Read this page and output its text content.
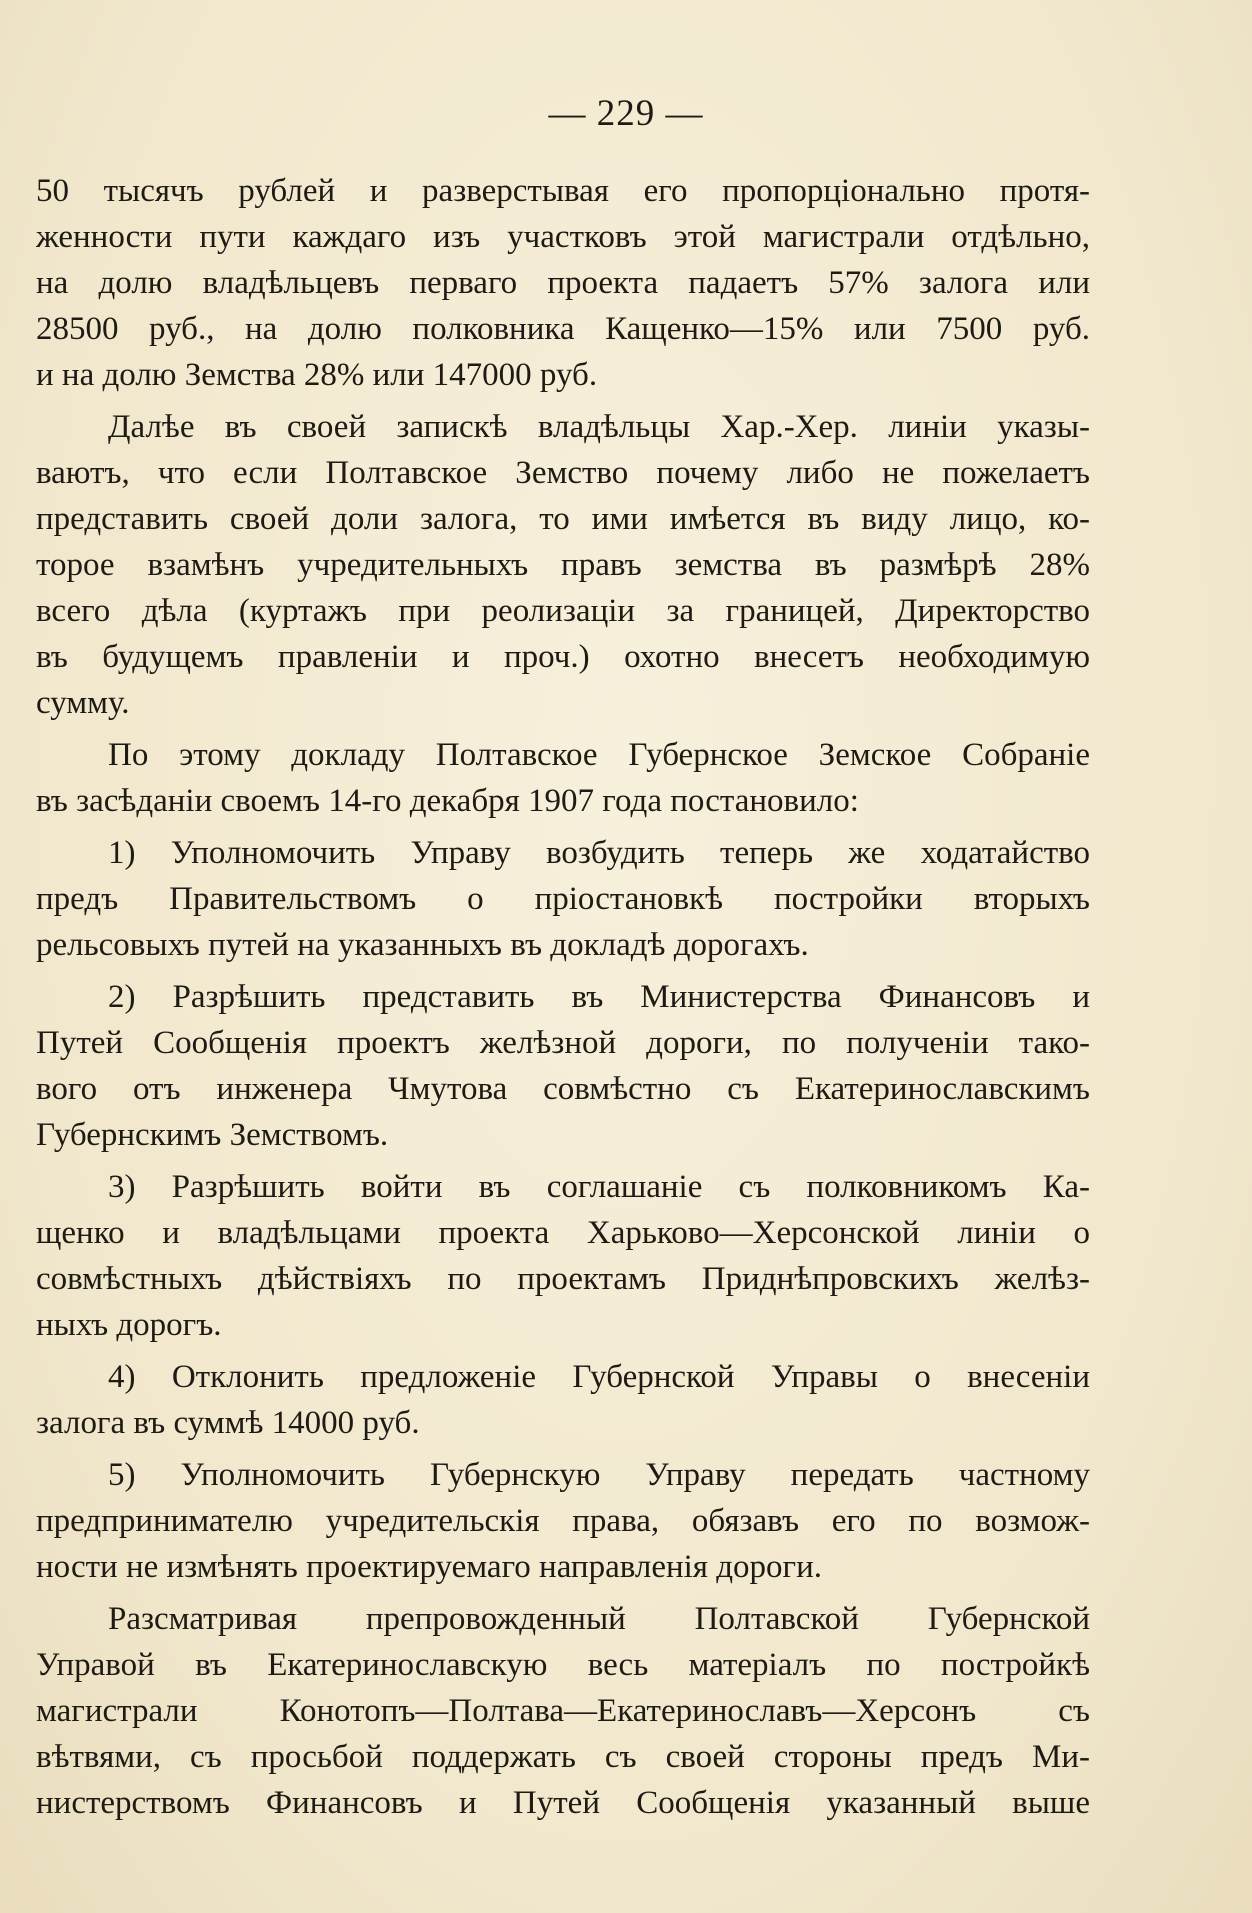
— 229 —
50 тысячъ рублей и разверстывая его пропорціонально протя-
женности пути каждаго изъ участковъ этой магистрали отдѣльно,
на долю владѣльцевъ перваго проекта падаетъ 57% залога или
28500 руб., на долю полковника Кащенко—15% или 7500 руб.
и на долю Земства 28% или 147000 руб.
Далѣе въ своей запискѣ владѣльцы Хар.-Хер. линіи указы-
ваютъ, что если Полтавское Земство почему либо не пожелаетъ
представить своей доли залога, то ими имѣется въ виду лицо, ко-
торое взамѣнъ учредительныхъ правъ земства въ размѣрѣ 28%
всего дѣла (куртажъ при реолизаціи за границей, Директорство
въ будущемъ правленіи и проч.) охотно внесетъ необходимую
сумму.
По этому докладу Полтавское Губернское Земское Собраніе
въ засѣданіи своемъ 14-го декабря 1907 года постановило:
1) Уполномочить Управу возбудить теперь же ходатайство
предъ Правительствомъ о пріостановкѣ постройки вторыхъ
рельсовыхъ путей на указанныхъ въ докладѣ дорогахъ.
2) Разрѣшить представить въ Министерства Финансовъ и
Путей Сообщенія проектъ желѣзной дороги, по полученіи тако-
вого отъ инженера Чмутова совмѣстно съ Екатеринославскимъ
Губернскимъ Земствомъ.
3) Разрѣшить войти въ соглашаніе съ полковникомъ Ка-
щенко и владѣльцами проекта Харьково—Херсонской линіи о
совмѣстныхъ дѣйствіяхъ по проектамъ Приднѣпровскихъ желѣз-
ныхъ дорогъ.
4) Отклонить предложеніе Губернской Управы о внесеніи
залога въ суммѣ 14000 руб.
5) Уполномочить Губернскую Управу передать частному
предпринимателю учредительскія права, обязавъ его по возмож-
ности не измѣнять проектируемаго направленія дороги.
Разсматривая препровожденный Полтавской Губернской
Управой въ Екатеринославскую весь матеріалъ по постройкѣ
магистрали Конотопъ—Полтава—Екатеринославъ—Херсонъ съ
вѣтвями, съ просьбой поддержать съ своей стороны предъ Ми-
нистерствомъ Финансовъ и Путей Сообщенія указанный выше
